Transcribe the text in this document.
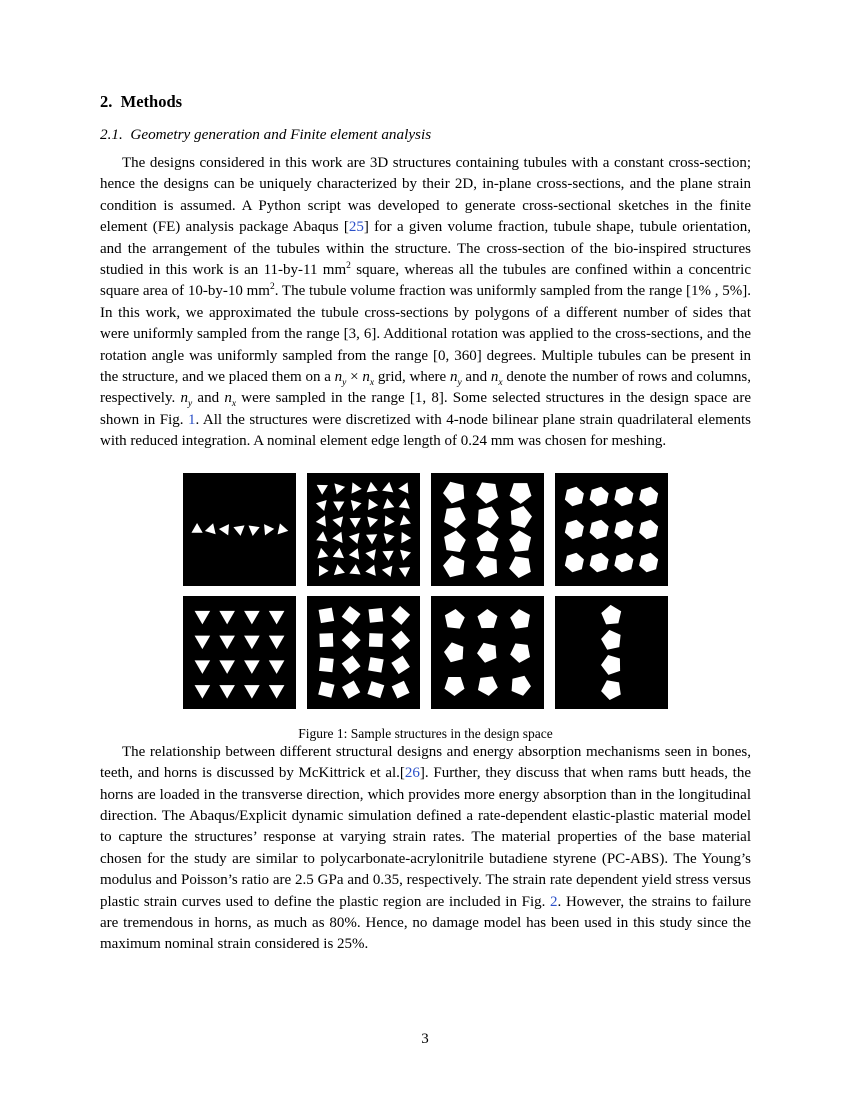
2.  Methods
2.1.  Geometry generation and Finite element analysis

The designs considered in this work are 3D structures containing tubules with a constant cross-section; hence the designs can be uniquely characterized by their 2D, in-plane cross-sections, and the plane strain condition is assumed. A Python script was developed to generate cross-sectional sketches in the finite element (FE) analysis package Abaqus [25] for a given volume fraction, tubule shape, tubule orientation, and the arrangement of the tubules within the structure. The cross-section of the bio-inspired structures studied in this work is an 11-by-11 $mm^2$ square, whereas all the tubules are confined within a concentric square area of 10-by-10 $mm^2$. The tubule volume fraction was uniformly sampled from the range [1% , 5%]. In this work, we approximated the tubule cross-sections by polygons of a different number of sides that were uniformly sampled from the range [3, 6]. Additional rotation was applied to the cross-sections, and the rotation angle was uniformly sampled from the range [0, 360] degrees. Multiple tubules can be present in the structure, and we placed them on a $n_y \times n_x$ grid, where $n_y$ and $n_x$ denote the number of rows and columns, respectively. $n_y$ and $n_x$ were sampled in the range [1, 8]. Some selected structures in the design space are shown in Fig. 1. All the structures were discretized with 4-node bilinear plane strain quadrilateral elements with reduced integration. A nominal element edge length of 0.24 mm was chosen for meshing.

Figure 1: Sample structures in the design space

The relationship between different structural designs and energy absorption mechanisms seen in bones, teeth, and horns is discussed by McKittrick et al.[26]. Further, they discuss that when rams butt heads, the horns are loaded in the transverse direction, which provides more energy absorption than in the longitudinal direction. The Abaqus/Explicit dynamic simulation defined a rate-dependent elastic-plastic material model to capture the structures’ response at varying strain rates. The material properties of the base material chosen for the study are similar to polycarbonate-acrylonitrile butadiene styrene (PC-ABS). The Young’s modulus and Poisson’s ratio are 2.5 GPa and 0.35, respectively. The strain rate dependent yield stress versus plastic strain curves used to define the plastic region are included in Fig. 2. However, the strains to failure are tremendous in horns, as much as 80%. Hence, no damage model has been used in this study since the maximum nominal strain considered is 25%.

3
